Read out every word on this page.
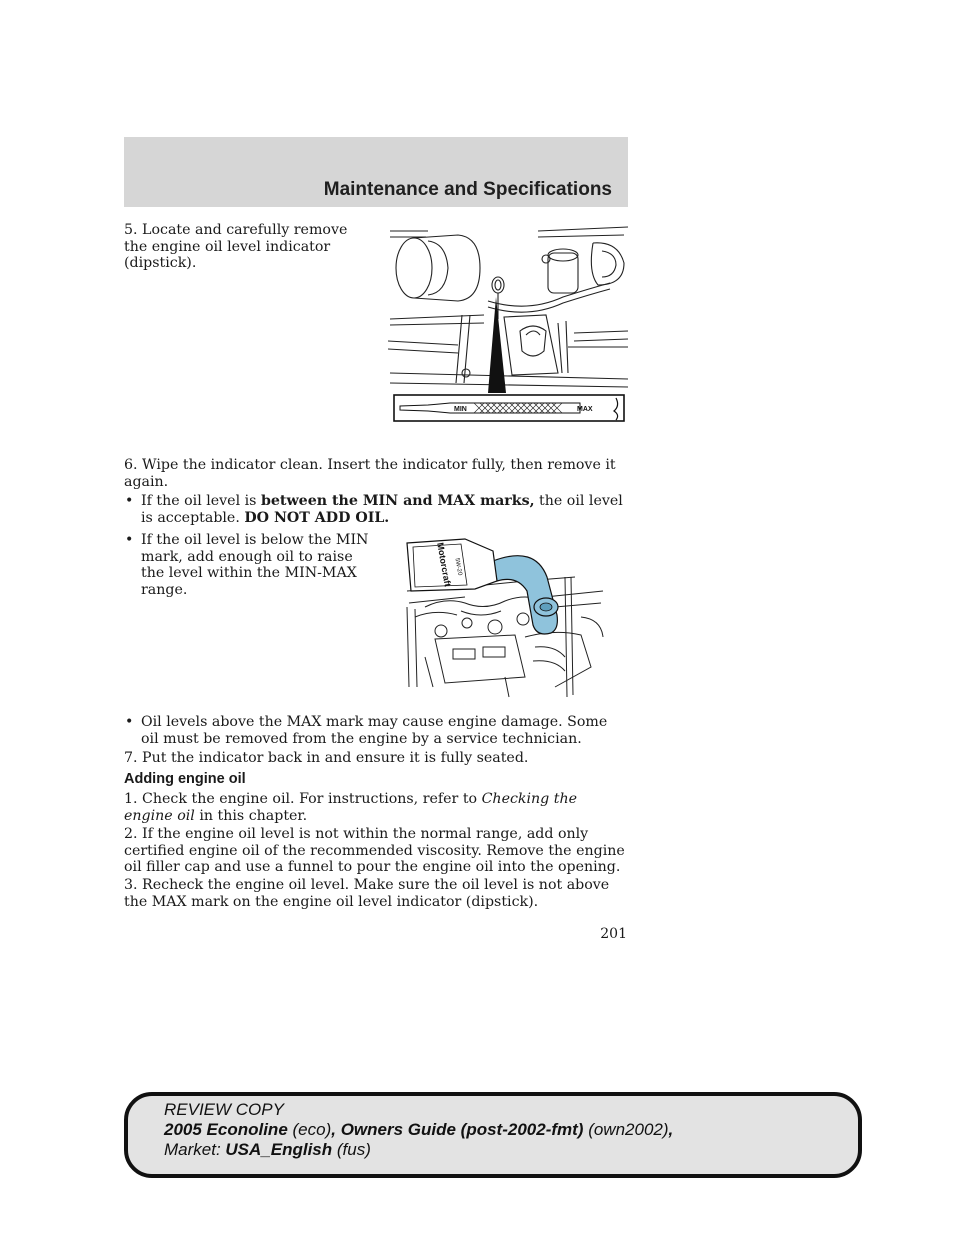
Maintenance and Specifications
5. Locate and carefully remove the engine oil level indicator (dipstick).
MIN	MAX
6. Wipe the indicator clean. Insert the indicator fully, then remove it again.
• If the oil level is between the MIN and MAX marks, the oil level is acceptable. DO NOT ADD OIL.
• If the oil level is below the MIN mark, add enough oil to raise the level within the MIN-MAX range.
Motorcraft 5W-20
• Oil levels above the MAX mark may cause engine damage. Some oil must be removed from the engine by a service technician.
7. Put the indicator back in and ensure it is fully seated.
Adding engine oil
1. Check the engine oil. For instructions, refer to Checking the engine oil in this chapter.
2. If the engine oil level is not within the normal range, add only certified engine oil of the recommended viscosity. Remove the engine oil filler cap and use a funnel to pour the engine oil into the opening.
3. Recheck the engine oil level. Make sure the oil level is not above the MAX mark on the engine oil level indicator (dipstick).
201
REVIEW COPY
2005 Econoline (eco), Owners Guide (post-2002-fmt) (own2002),
Market: USA_English (fus)
